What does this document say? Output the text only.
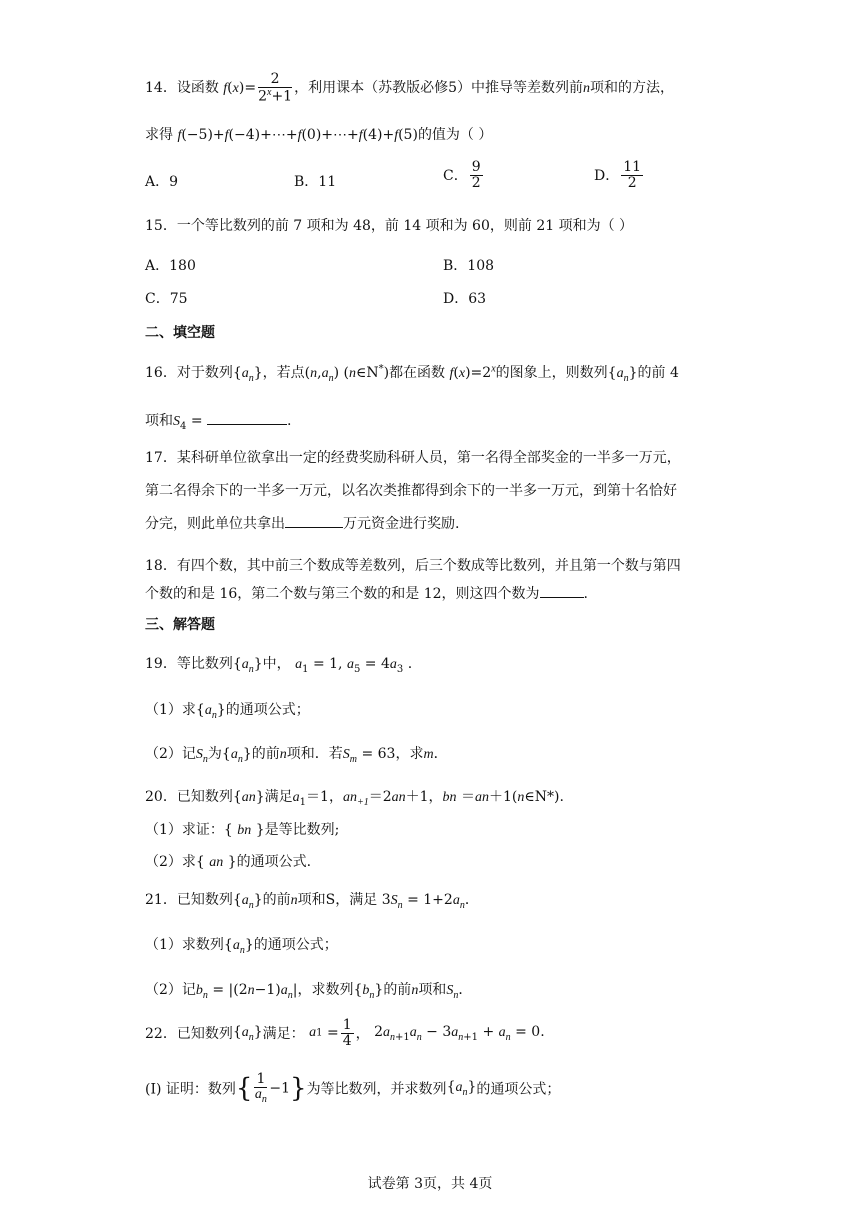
14．设函数 $f(x)= \frac{2}{2^x+1}$ ，利用课本（苏教版必修5）中推导等差数列前n项和的方法，
求得 f(−5)+f(−4)+⋯+f(0)+⋯+f(4)+f(5)的值为（ ）
A．9	B．11	C． $\frac{9}{2}$	D． $\frac{11}{2}$
15．一个等比数列的前 7 项和为 48，前 14 项和为 60，则前 21 项和为（ ）
A．180	B．108
C．75	D．63
二、填空题
16．对于数列$\{a_n\}$，若点$(n,a_n)$ (n∈N*)都在函数 $f(x)=2^x$的图象上，则数列$\{a_n\}$的前 4
项和$S_4$ =	.
17．某科研单位欲拿出一定的经费奖励科研人员，第一名得全部奖金的一半多一万元，
第二名得余下的一半多一万元，以名次类推都得到余下的一半多一万元，到第十名恰好
分完，则此单位共拿出	万元资金进行奖励.
18．有四个数，其中前三个数成等差数列，后三个数成等比数列，并且第一个数与第四
个数的和是 16，第二个数与第三个数的和是 12，则这四个数为	.
三、解答题
19．等比数列$\{a_n\}$中， $a_1 = 1$, $a_5 = 4a_3$ .
（1）求$\{a_n\}$的通项公式；
（2）记$S_n$为$\{a_n\}$的前n项和．若$S_m = 63$，求m．
20．已知数列{an}满足$a_1=1$，$an_{+1}=2an+1$，bn ＝an＋1(n∈N*).
（1）求证：{ bn }是等比数列;
（2）求{ an }的通项公式.
21．已知数列$\{a_n\}$的前n项和S，满足 $3S_n = 1+2a_n$．
（1）求数列$\{a_n\}$的通项公式；
（2）记$b_n = |(2n-1)a_n|$，求数列$\{b_n\}$的前n项和$S_n$．
22．已知数列$\{a_n\}$满足： $a1 = \frac{1}{4}$ ， $2a_{n+1}a_n - 3a_{n+1} + a_n = 0$.
(Ⅰ) 证明：数列{ $\frac{1}{a_n} -1$}为等比数列，并求数列$\{a_n\}$的通项公式；
试卷第 3页，共 4页
